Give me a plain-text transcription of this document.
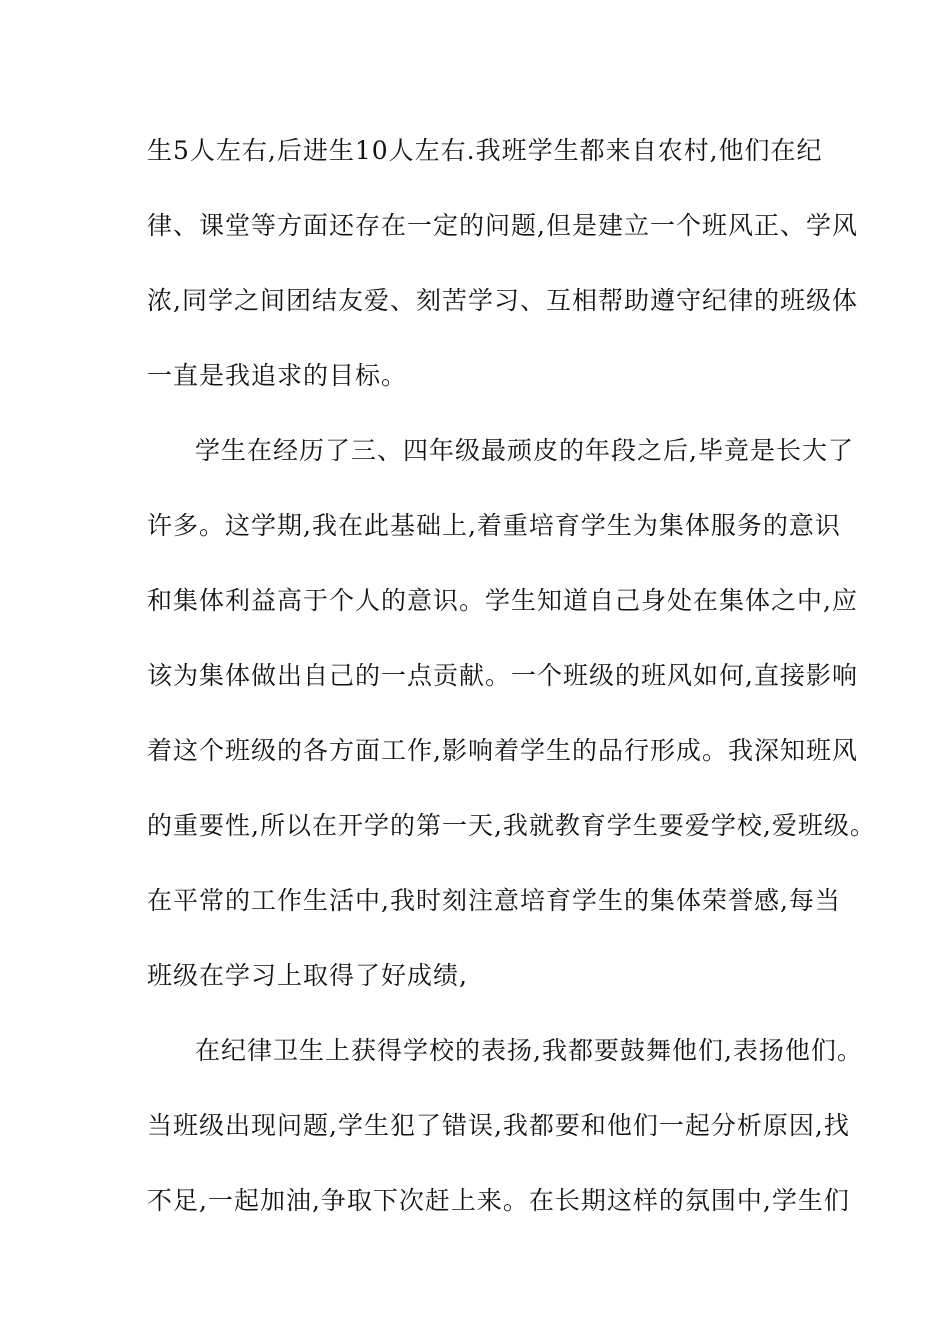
生5人左右,后进生10人左右.我班学生都来自农村,他们在纪
律、课堂等方面还存在一定的问题,但是建立一个班风正、学风
浓,同学之间团结友爱、刻苦学习、互相帮助遵守纪律的班级体
一直是我追求的目标。
学生在经历了三、四年级最顽皮的年段之后,毕竟是长大了
许多。这学期,我在此基础上,着重培育学生为集体服务的意识
和集体利益高于个人的意识。学生知道自己身处在集体之中,应
该为集体做出自己的一点贡献。一个班级的班风如何,直接影响
着这个班级的各方面工作,影响着学生的品行形成。我深知班风
的重要性,所以在开学的第一天,我就教育学生要爱学校,爱班级。
在平常的工作生活中,我时刻注意培育学生的集体荣誉感,每当
班级在学习上取得了好成绩,
在纪律卫生上获得学校的表扬,我都要鼓舞他们,表扬他们。
当班级出现问题,学生犯了错误,我都要和他们一起分析原因,找
不足,一起加油,争取下次赶上来。在长期这样的氛围中,学生们
